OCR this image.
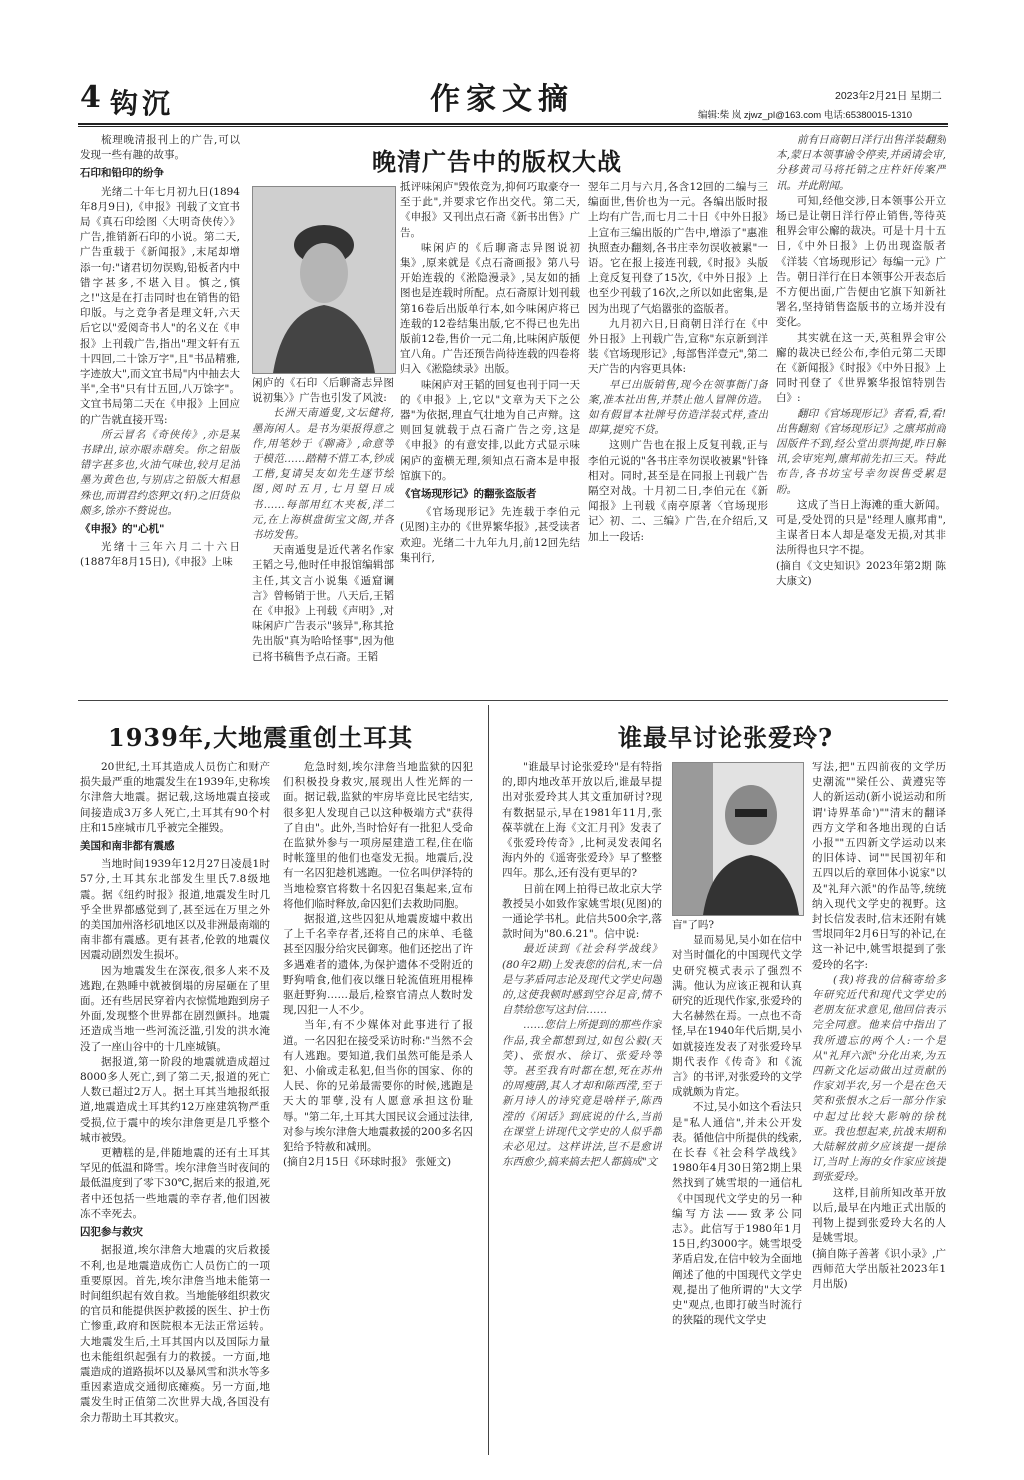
4 钩沉	作家文摘	2023年2月21日 星期二
编辑:柴 岚 zjwz_pl@163.com 电话:65380015-1310
晚清广告中的版权大战

梳理晚清报刊上的广告,可以发现一些有趣的故事。

石印和铅印的纷争

光绪二十年七月初九日(1894年8月9日),《申报》刊载了文宜书局《真石印绘图〈大明奇侠传〉》广告,推销新石印的小说。第二天,广告重载于《新闻报》,末尾却增添一句:"诸君切勿误购,铅板者内中错字甚多,不堪入目。慎之,慎之!"这是在打击同时也在销售的铅印版。与之竞争者是理文轩,六天后它以"爱阅奇书人"的名义在《申报》上刊载广告,指出"理文轩有五十四回,二十馀万字",且"书品精雅,字迹放大",而文宜书局"内中抽去大半",全书"只有廿五回,八万馀字"。文宜书局第二天在《申报》上回应的广告就直接开骂:

所云冒名《奇侠传》,亦是某书肆出,谅亦眼赤瞎矣。你之铅版错字甚多也,火油气味也,较月足油墨为黄色也,与别店之铅版大相悬殊也,而谓君约恣狎文(轩)之旧货似颇多,馀亦不赘说也。

《申报》的"心机"

光绪十三年六月二十六日(1887年8月15日),《申报》上味

闲庐的《石印〈后聊斋志异图说初集〉》广告也引发了风波:

长洲天南遁叟,文坛健将,墨海闲人。是书为渠报得意之作,用笔妙于《聊斋》,命意等于模范……踏精不惜工本,钞成工楷,复请吴友如先生逐节绘图,阅时五月,七月望日成书……每部用红木夹板,洋二元,在上海棋盘街宝文阁,并各书坊发售。

天南遁叟是近代著名作家王韬之号,他时任申报馆编辑部主任,其文言小说集《遁窟谰言》曾畅销于世。八天后,王韬在《申报》上刊载《声明》,对味闲庐广告表示"骇异",称其抢先出版"真为哈哈怪事",因为他已将书稿售予点石斋。王韬

抵评味闲庐"毁侬竞为,抑何巧取豪夺一至于此",并要求它作出交代。第二天,《申报》又刊出点石斋《新书出售》广告。

味闲庐的《后聊斋志异图说初集》,原来就是《点石斋画报》第八号开始连载的《淞隐漫录》,吴友如的插图也是连载时所配。点石斋原计划刊载第16卷后出版单行本,如今味闲庐将已连载的12卷结集出版,它不得已也先出版前12卷,售价一元二角,比味闲庐版便宜八角。广告还预告尚待连载的四卷将归入《淞隐续录》出版。

味闲庐对王韬的回复也刊于同一天的《申报》上,它以"文章为天下之公器"为依据,理直气壮地为自己声辩。这则回复就载于点石斋广告之旁,这是《申报》的有意安排,以此方式显示味闲庐的蛮横无理,须知点石斋本是申报馆旗下的。

《官场现形记》的翻张盗版者

《官场现形记》先连载于李伯元(见图)主办的《世界繁华报》,甚受读者欢迎。光绪二十九年九月,前12回先结集刊行,

翌年二月与六月,各含12回的二编与三编面世,售价也为一元。各编出版时报上均有广告,而七月二十日《中外日报》上宣布三编出版的广告中,增添了"惠准执照查办翻刻,各书庄幸勿误收被累"一语。它在报上接连刊载,《时报》头版上竟反复刊登了15次,《中外日报》上也至少刊载了16次,之所以如此密集,是因为出现了气焰嚣张的盗版者。

九月初六日,日商朝日洋行在《中外日报》上刊载广告,宣称"东京新到洋装《官场现形记》,每部售洋壹元",第二天广告的内容更具体:

早已出版销售,现今在领事衙门备案,准本社出售,并禁止他人冒牌仿造。如有假冒本社牌号仿造洋装式样,查出即算,提究不贷。

这则广告也在报上反复刊载,正与李伯元说的"各书庄幸勿误收被累"针锋相对。同时,甚至是在同报上刊载广告隔空对战。十月初二日,李伯元在《新闻报》上刊载《南亭原著〈官场现形记〉初、二、三编》广告,在介绍后,又加上一段话:

前有日商朝日洋行出售洋装翻刻本,蒙日本领事谕令停卖,并函请会审,分移黄司马将托销之庄杵奸传案严讯。并此附闻。

可知,经他交涉,日本领事公开立场已是让朝日洋行停止销售,等待英租界会审公廨的裁决。可是十月十五日,《中外日报》上仍出现盗版者《洋装〈官场现形记〉每编一元》广告。朝日洋行在日本领事公开表态后不方便出面,广告便由它旗下知新社署名,坚持销售盗版书的立场并没有变化。

其实就在这一天,英租界会审公廨的裁决已经公布,李伯元第二天即在《新闻报》《时报》《中外日报》上同时刊登了《世界繁华报馆特别告白》:

翻印《官场现形记》者看,看,看!出售翻刻《官场现形记》之廪邦前商因版件不到,经公堂出票拘提,昨日解讯,会审宪判,廪邦前先扣三天。特此布告,各书坊宝号幸勿误售受累是盼。

这成了当日上海滩的重大新闻。可是,受处罚的只是"经理人廪邦甫",主谋者日本人却是毫发无损,对其非法所得也只字不提。

(摘自《文史知识》2023年第2期 陈大康文)

1939年,大地震重创土耳其

20世纪,土耳其造成人员伤亡和财产损失最严重的地震发生在1939年,史称埃尔津詹大地震。据记载,这场地震直接或间接造成3万多人死亡,土耳其有90个村庄和15座城市几乎被完全摧毁。

美国和南非都有震感

当地时间1939年12月27日凌晨1时57分,土耳其东北部发生里氏7.8级地震。据《纽约时报》报道,地震发生时几乎全世界都感觉到了,甚至远在万里之外的美国加州洛杉矶地区以及非洲最南端的南非都有震感。更有甚者,伦敦的地震仪因震动剧烈发生损坏。

因为地震发生在深夜,很多人来不及逃跑,在熟睡中就被倒塌的房屋砸在了里面。还有些居民穿着内衣惊慌地跑到房子外面,发现整个世界都在剧烈颤抖。地震还造成当地一些河流泛滥,引发的洪水淹没了一座山谷中的十几座城镇。

据报道,第一阶段的地震就造成超过8000多人死亡,到了第二天,报道的死亡人数已超过2万人。据土耳其当地报纸报道,地震造成土耳其约12万座建筑物严重受损,位于震中的埃尔津詹更是几乎整个城市被毁。

更糟糕的是,伴随地震的还有土耳其罕见的低温和降雪。埃尔津詹当时夜间的最低温度到了零下30℃,据后来的报道,死者中还包括一些地震的幸存者,他们因被冻不幸死去。

囚犯参与救灾

据报道,埃尔津詹大地震的灾后救援不利,也是地震造成伤亡人员伤亡的一项重要原因。首先,埃尔津詹当地未能第一时间组织起有效自救。当地能够组织救灾的官员和能提供医护救援的医生、护士伤亡惨重,政府和医院根本无法正常运转。大地震发生后,土耳其国内以及国际力量也未能组织起强有力的救援。一方面,地震造成的道路损坏以及暴风雪和洪水等多重因素造成交通彻底瘫痪。另一方面,地震发生时正值第二次世界大战,各国没有余力帮助土耳其救灾。

危急时刻,埃尔津詹当地监狱的囚犯们积极投身救灾,展现出人性光辉的一面。据记载,监狱的牢房毕竟比民宅结实,很多犯人发现自己以这种极端方式"获得了自由"。此外,当时恰好有一批犯人受命在监狱外参与一项房屋建造工程,住在临时帐篷里的他们也毫发无损。地震后,没有一名囚犯趁机逃跑。一位名叫伊泽特的当地检察官将数十名囚犯召集起来,宣布将他们临时释放,命囚犯们去救助同胞。

据报道,这些囚犯从地震废墟中救出了上千名幸存者,还将自己的床单、毛毯甚至囚服分给灾民御寒。他们还挖出了许多遇难者的遗体,为保护遗体不受附近的野狗啃食,他们夜以继日轮流值班用棍棒驱赶野狗……最后,检察官清点人数时发现,囚犯一人不少。

当年,有不少媒体对此事进行了报道。一名囚犯在接受采访时称:"当然不会有人逃跑。要知道,我们虽然可能是杀人犯、小偷或走私犯,但当你的国家、你的人民、你的兄弟最需要你的时候,逃跑是天大的罪孽,没有人愿意承担这份耻辱。"第二年,土耳其大国民议会通过法律,对参与埃尔津詹大地震救援的200多名囚犯给予特赦和减刑。

(摘自2月15日《环球时报》 张娅文)

谁最早讨论张爱玲?

"谁最早讨论张爱玲"是有特指的,即内地改革开放以后,谁最早提出对张爱玲其人其文重加研讨?现有数据显示,早在1981年11月,张葆莘就在上海《文汇月刊》发表了《张爱玲传奇》,比柯灵发表闻名海内外的《遥寄张爱玲》早了整整四年。那么,还有没有更早的?

日前在网上拍得已故北京大学教授吴小如致作家姚雪垠(见图)的一通论学书札。此信共500余字,落款时间为"80.6.21"。信中说:

最近读到《社会科学战线》(80年2期)上发表您的信札,末一信是与茅盾同志论及现代文学史问题的,这使我顿时感到空谷足音,情不自禁给您写这封信……

……您信上所提到的那些作家作品,我全都想到过,如包公毅(天笑)、张恨水、徐订、张爱玲等等。甚至我有时都在想,死在苏州的周瘦鹃,其人才却和陈西滢,至于新月诗人的诗究竟是啥样子,陈西滢的《闲话》到底说的什么,当前在课堂上讲现代文学史的人似乎都未必见过。这样讲法,岂不是愈讲东西愈少,搞来搞去把人都搞成"文

盲"了吗?

显而易见,吴小如在信中对当时僵化的中国现代文学史研究模式表示了强烈不满。他认为应该正视和认真研究的近现代作家,张爱玲的大名赫然在焉。一点也不奇怪,早在1940年代后期,吴小如就接连发表了对张爱玲早期代表作《传奇》和《流言》的书评,对张爱玲的文学成就颇为肯定。

不过,吴小如这个看法只是"私人通信",并未公开发表。循他信中所提供的线索,在长春《社会科学战线》1980年4月30日第2期上果然找到了姚雪垠的一通信札《中国现代文学史的另一种编写方法——致茅公同志》。此信写于1980年1月15日,约3000字。姚雪垠受茅盾启发,在信中较为全面地阐述了他的中国现代文学史观,提出了他所谓的"大文学史"观点,也即打破当时流行的狭隘的现代文学史

写法,把"五四前夜的文学历史潮流""梁任公、黄遵宪等人的新运动(新小说运动和所谓'诗界革命')""清末的翻译西方文学和各地出现的白话小报""五四新文学运动以来的旧体诗、词""民国初年和五四以后的章回体小说家"以及"礼拜六派"的作品等,统统纳入现代文学史的视野。这封长信发表时,信末还附有姚雪垠同年2月6日写的补记,在这一补记中,姚雪垠提到了张爱玲的名字:

(我)将我的信稿寄给多年研究近代和现代文学史的老朋友征求意见,他回信表示完全同意。他来信中指出了我所遗忘的两个人:一个是从"礼拜六派"分化出来,为五四新文化运动做出过贡献的作家刘半农,另一个是在色天笑和张恨水之后一部分作家中起过比较大影响的徐枕亚。我也想起来,抗战末期和大陆解放前夕应该提一提徐订,当时上海的女作家应该提到张爱玲。

这样,目前所知改革开放以后,最早在内地正式出版的刊物上提到张爱玲大名的人是姚雪垠。

(摘自陈子善著《识小录》,广西师范大学出版社2023年1月出版)
